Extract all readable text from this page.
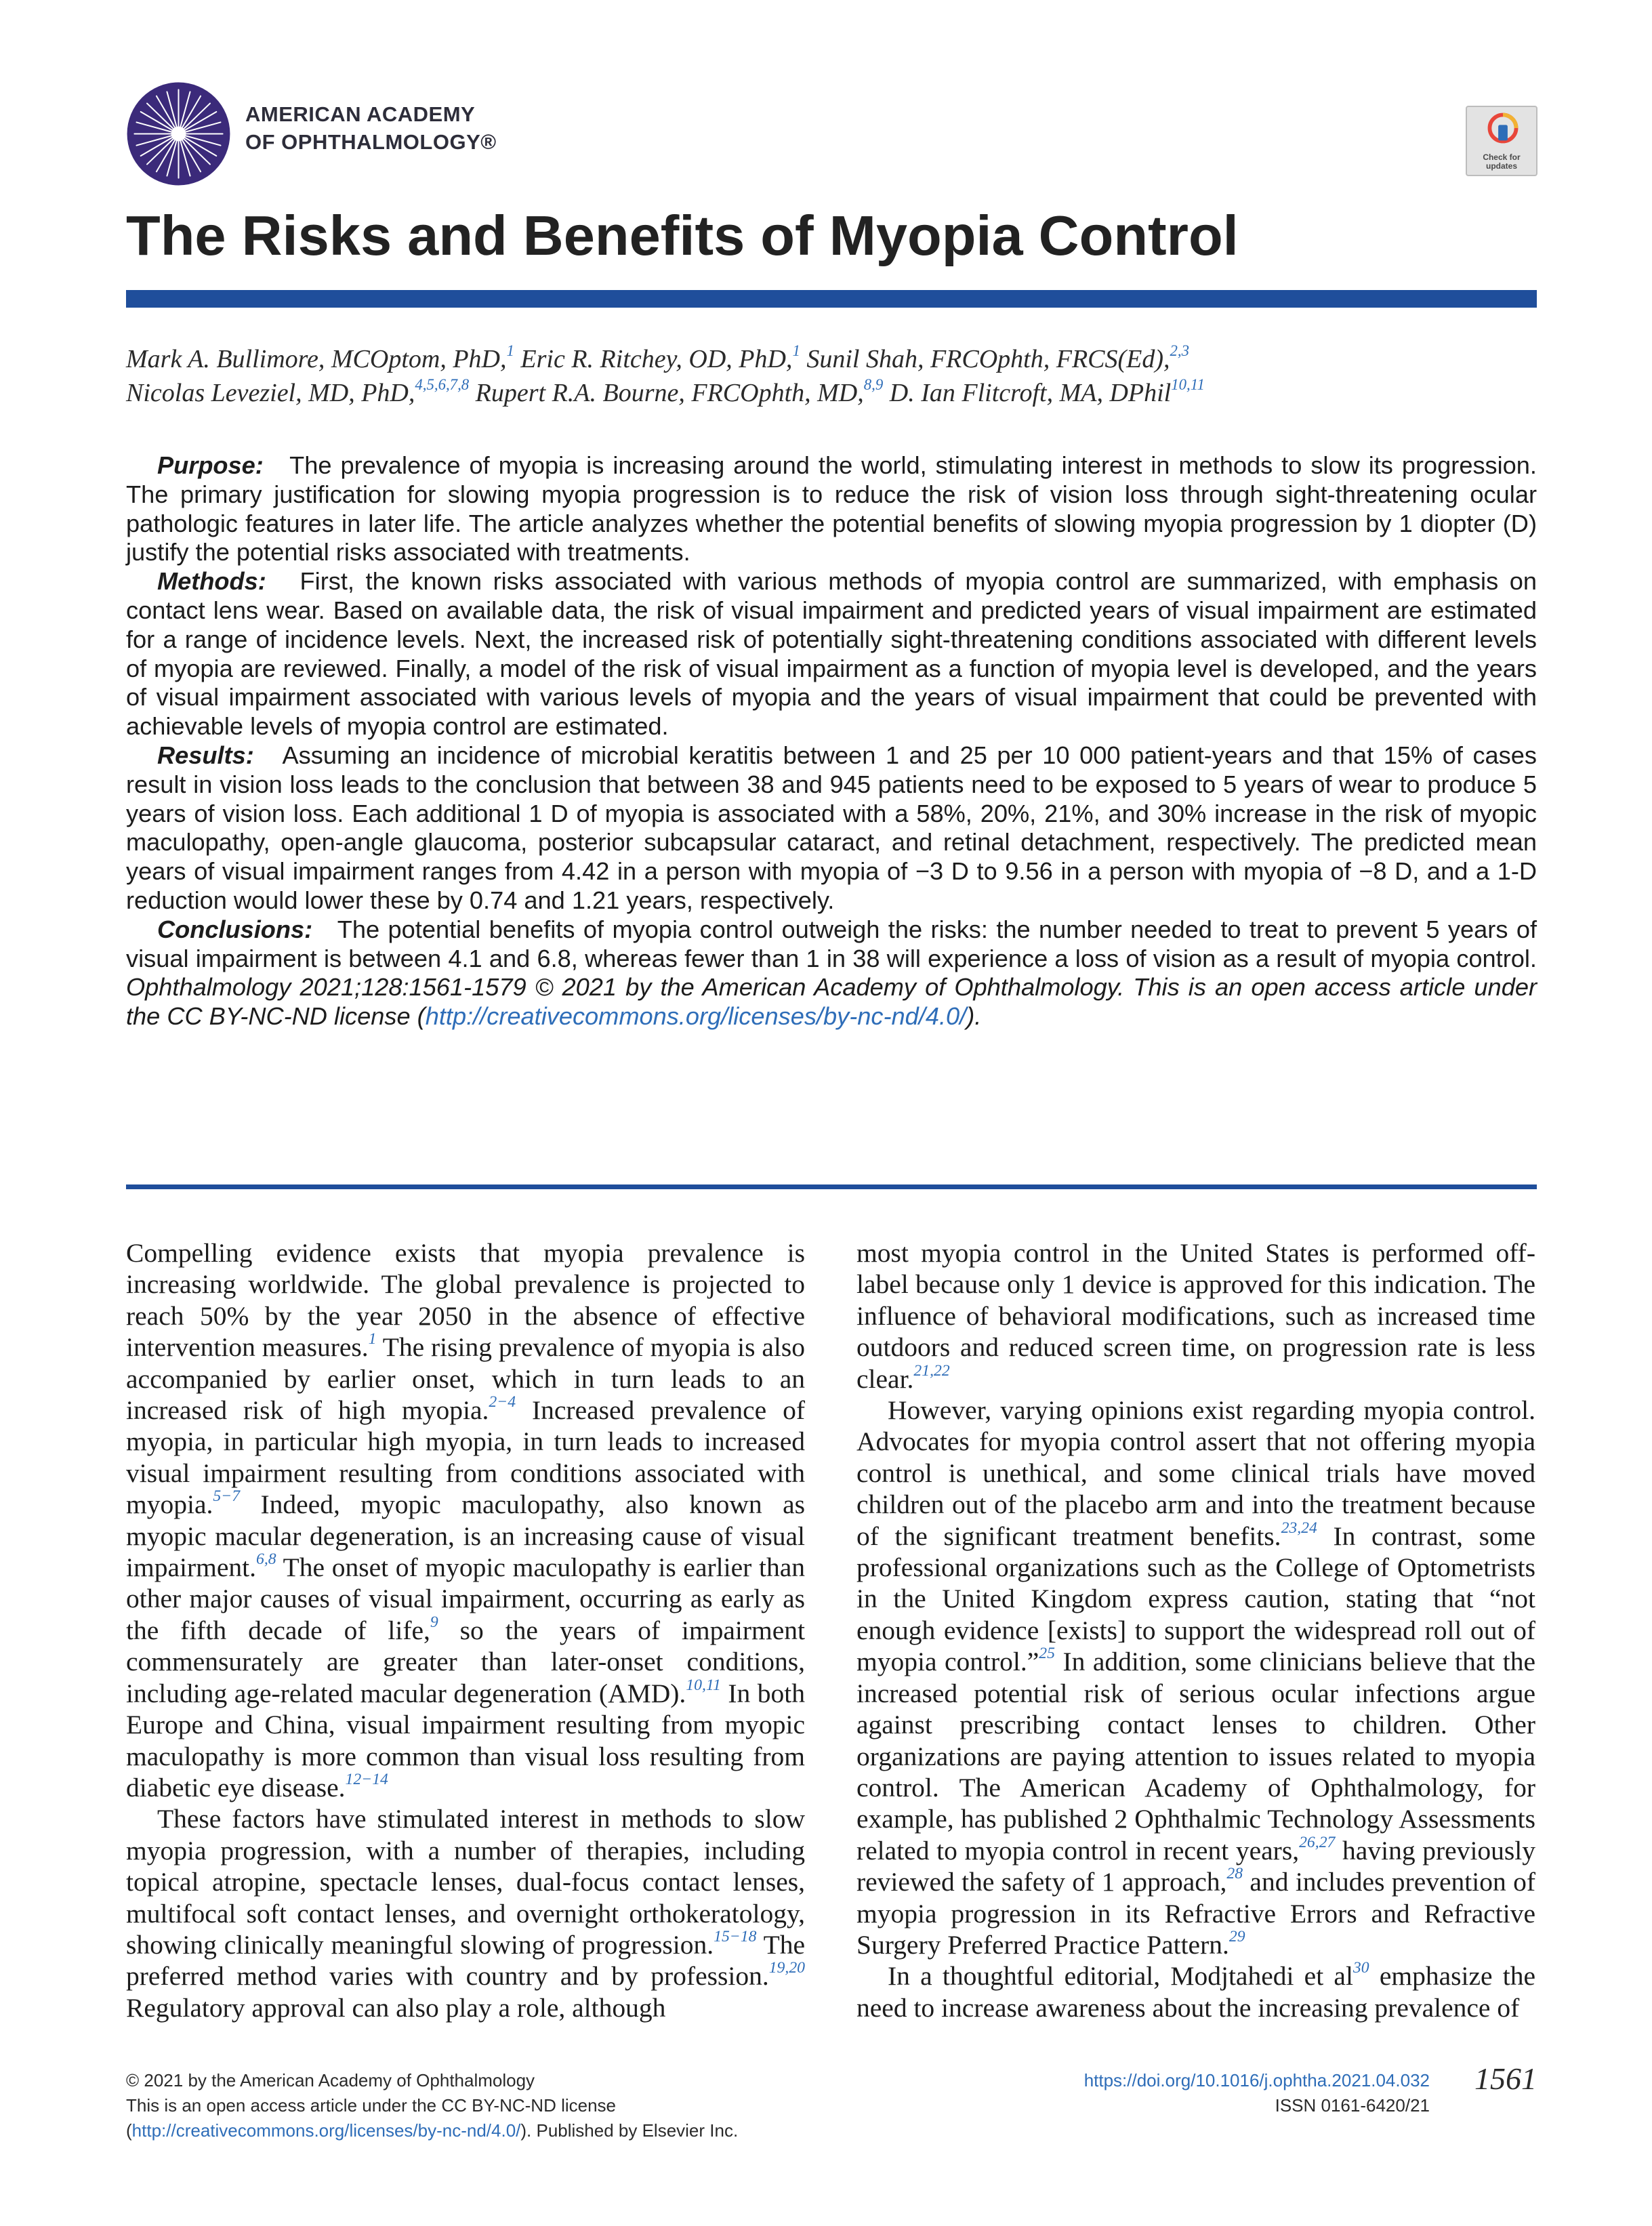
AMERICAN ACADEMY
OF OPHTHALMOLOGY®
Check for
updates
The Risks and Benefits of Myopia Control
Mark A. Bullimore, MCOptom, PhD,$^1$ Eric R. Ritchey, OD, PhD,$^1$ Sunil Shah, FRCOphth, FRCS(Ed),$^{2,3}$
Nicolas Leveziel, MD, PhD,$^{4,5,6,7,8}$ Rupert R.A. Bourne, FRCOphth, MD,$^{8,9}$ D. Ian Flitcroft, MA, DPhil$^{10,11}$

Purpose: The prevalence of myopia is increasing around the world, stimulating interest in methods to slow its progression. The primary justification for slowing myopia progression is to reduce the risk of vision loss through sight-threatening ocular pathologic features in later life. The article analyzes whether the potential benefits of slowing myopia progression by 1 diopter (D) justify the potential risks associated with treatments.

Methods: First, the known risks associated with various methods of myopia control are summarized, with emphasis on contact lens wear. Based on available data, the risk of visual impairment and predicted years of visual impairment are estimated for a range of incidence levels. Next, the increased risk of potentially sight-threatening conditions associated with different levels of myopia are reviewed. Finally, a model of the risk of visual impairment as a function of myopia level is developed, and the years of visual impairment associated with various levels of myopia and the years of visual impairment that could be prevented with achievable levels of myopia control are estimated.

Results: Assuming an incidence of microbial keratitis between 1 and 25 per 10 000 patient-years and that 15% of cases result in vision loss leads to the conclusion that between 38 and 945 patients need to be exposed to 5 years of wear to produce 5 years of vision loss. Each additional 1 D of myopia is associated with a 58%, 20%, 21%, and 30% increase in the risk of myopic maculopathy, open-angle glaucoma, posterior subcapsular cataract, and retinal detachment, respectively. The predicted mean years of visual impairment ranges from 4.42 in a person with myopia of −3 D to 9.56 in a person with myopia of −8 D, and a 1-D reduction would lower these by 0.74 and 1.21 years, respectively.

Conclusions: The potential benefits of myopia control outweigh the risks: the number needed to treat to prevent 5 years of visual impairment is between 4.1 and 6.8, whereas fewer than 1 in 38 will experience a loss of vision as a result of myopia control. Ophthalmology 2021;128:1561-1579 © 2021 by the American Academy of Ophthalmology. This is an open access article under the CC BY-NC-ND license (http://creativecommons.org/licenses/by-nc-nd/4.0/).

Compelling evidence exists that myopia prevalence is increasing worldwide. The global prevalence is projected to reach 50% by the year 2050 in the absence of effective intervention measures.$^1$ The rising prevalence of myopia is also accompanied by earlier onset, which in turn leads to an increased risk of high myopia.$^{2-4}$ Increased prevalence of myopia, in particular high myopia, in turn leads to increased visual impairment resulting from conditions associated with myopia.$^{5-7}$ Indeed, myopic maculopathy, also known as myopic macular degeneration, is an increasing cause of visual impairment.$^{6,8}$ The onset of myopic maculopathy is earlier than other major causes of visual impairment, occurring as early as the fifth decade of life,$^9$ so the years of impairment commensurately are greater than later-onset conditions, including age-related macular degeneration (AMD).$^{10,11}$ In both Europe and China, visual impairment resulting from myopic maculopathy is more common than visual loss resulting from diabetic eye disease.$^{12-14}$

These factors have stimulated interest in methods to slow myopia progression, with a number of therapies, including topical atropine, spectacle lenses, dual-focus contact lenses, multifocal soft contact lenses, and overnight orthokeratology, showing clinically meaningful slowing of progression.$^{15-18}$ The preferred method varies with country and by profession.$^{19,20}$ Regulatory approval can also play a role, although

most myopia control in the United States is performed off-label because only 1 device is approved for this indication. The influence of behavioral modifications, such as increased time outdoors and reduced screen time, on progression rate is less clear.$^{21,22}$

However, varying opinions exist regarding myopia control. Advocates for myopia control assert that not offering myopia control is unethical, and some clinical trials have moved children out of the placebo arm and into the treatment because of the significant treatment benefits.$^{23,24}$ In contrast, some professional organizations such as the College of Optometrists in the United Kingdom express caution, stating that “not enough evidence [exists] to support the widespread roll out of myopia control.”$^{25}$ In addition, some clinicians believe that the increased potential risk of serious ocular infections argue against prescribing contact lenses to children. Other organizations are paying attention to issues related to myopia control. The American Academy of Ophthalmology, for example, has published 2 Ophthalmic Technology Assessments related to myopia control in recent years,$^{26,27}$ having previously reviewed the safety of 1 approach,$^{28}$ and includes prevention of myopia progression in its Refractive Errors and Refractive Surgery Preferred Practice Pattern.$^{29}$

In a thoughtful editorial, Modjtahedi et al$^{30}$ emphasize the need to increase awareness about the increasing prevalence of

© 2021 by the American Academy of Ophthalmology
This is an open access article under the CC BY-NC-ND license
(http://creativecommons.org/licenses/by-nc-nd/4.0/). Published by Elsevier Inc.
https://doi.org/10.1016/j.ophtha.2021.04.032
ISSN 0161-6420/21
1561
